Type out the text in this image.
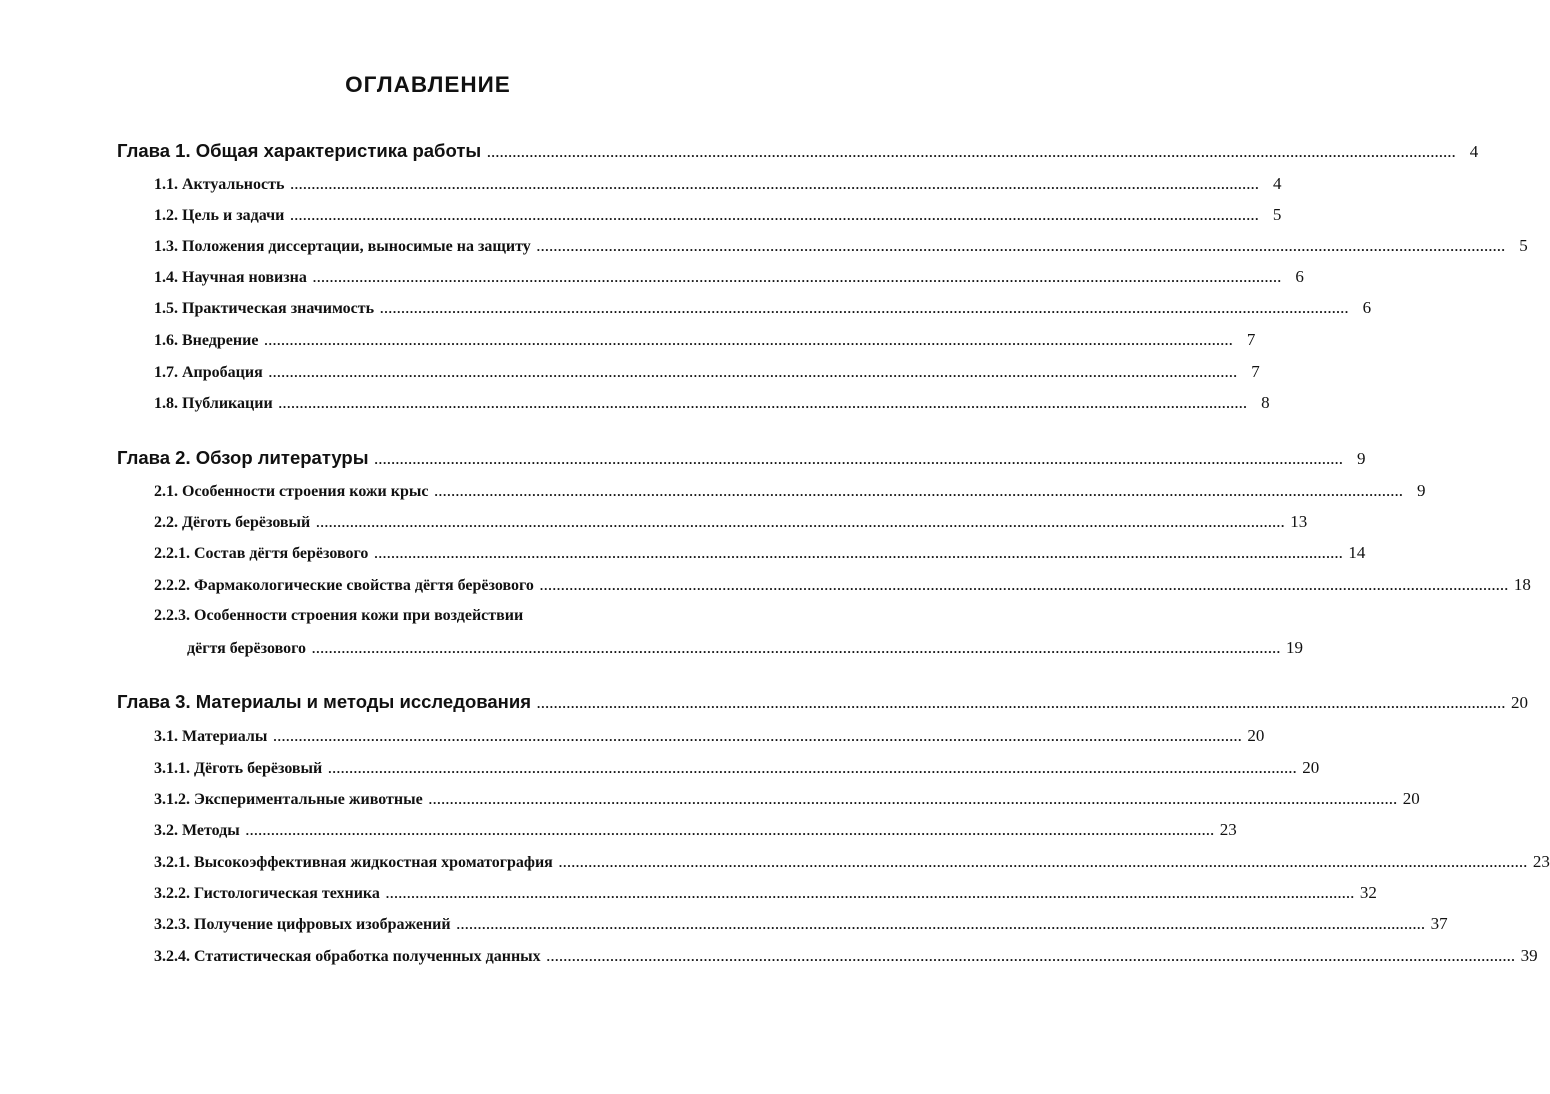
ОГЛАВЛЕНИЕ
Глава 1. Общая характеристика работы .................................................................................................................................................................................................................................... 4
1.1. Актуальность .................................................................................................................................................................................................................................... 4
1.2. Цель и задачи .................................................................................................................................................................................................................................... 5
1.3. Положения диссертации, выносимые на защиту .................................................................................................................................................................................................................................... 5
1.4. Научная новизна .................................................................................................................................................................................................................................... 6
1.5. Практическая значимость .................................................................................................................................................................................................................................... 6
1.6. Внедрение .................................................................................................................................................................................................................................... 7
1.7. Апробация .................................................................................................................................................................................................................................... 7
1.8. Публикации .................................................................................................................................................................................................................................... 8
Глава 2. Обзор литературы .................................................................................................................................................................................................................................... 9
2.1. Особенности строения кожи крыс .................................................................................................................................................................................................................................... 9
2.2. Дёготь берёзовый .................................................................................................................................................................................................................................... 13
2.2.1. Состав дёгтя берёзового .................................................................................................................................................................................................................................... 14
2.2.2. Фармакологические свойства дёгтя берёзового .................................................................................................................................................................................................................................... 18
2.2.3. Особенности строения кожи при воздействии
дёгтя берёзового .................................................................................................................................................................................................................................... 19
Глава 3. Материалы и методы исследования .................................................................................................................................................................................................................................... 20
3.1. Материалы .................................................................................................................................................................................................................................... 20
3.1.1. Дёготь берёзовый .................................................................................................................................................................................................................................... 20
3.1.2. Экспериментальные животные .................................................................................................................................................................................................................................... 20
3.2. Методы .................................................................................................................................................................................................................................... 23
3.2.1. Высокоэффективная жидкостная хроматография .................................................................................................................................................................................................................................... 23
3.2.2. Гистологическая техника .................................................................................................................................................................................................................................... 32
3.2.3. Получение цифровых изображений .................................................................................................................................................................................................................................... 37
3.2.4. Статистическая обработка полученных данных .................................................................................................................................................................................................................................... 39
